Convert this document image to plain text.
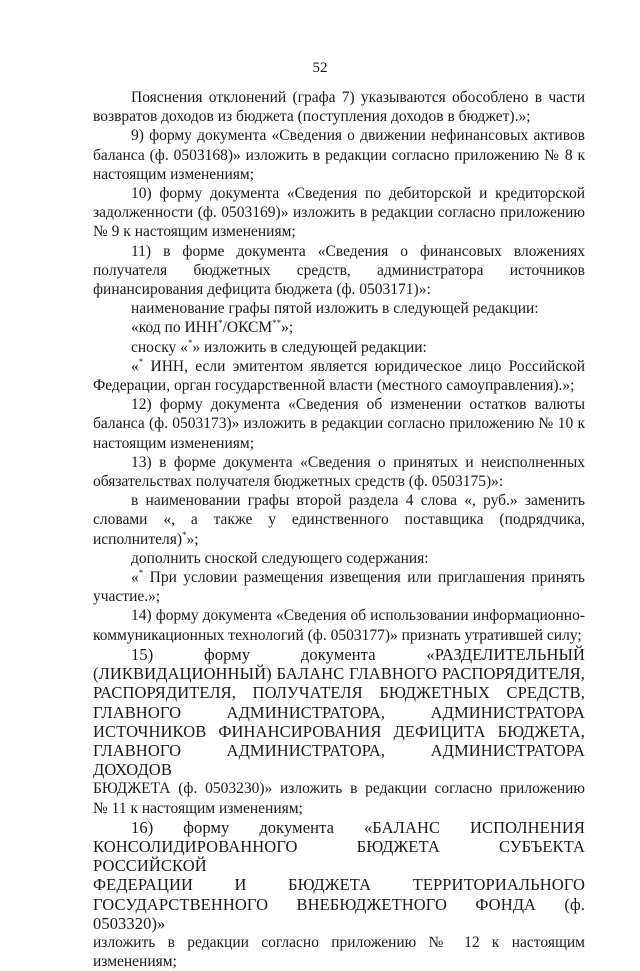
52
Пояснения отклонений (графа 7) указываются обособлено в части
возвратов доходов из бюджета (поступления доходов в бюджет).»;
9) форму документа «Сведения о движении нефинансовых активов
баланса (ф. 0503168)» изложить в редакции согласно приложению № 8 к
настоящим изменениям;
10) форму документа «Сведения по дебиторской и кредиторской
задолженности (ф. 0503169)» изложить в редакции согласно приложению
№ 9 к настоящим изменениям;
11) в форме документа «Сведения о финансовых вложениях
получателя бюджетных средств, администратора источников
финансирования дефицита бюджета (ф. 0503171)»:
наименование графы пятой изложить в следующей редакции:
«код по ИНН*/ОКСМ**»;
сноску «*» изложить в следующей редакции:
«* ИНН, если эмитентом является юридическое лицо Российской
Федерации, орган государственной власти (местного самоуправления).»;
12) форму документа «Сведения об изменении остатков валюты
баланса (ф. 0503173)» изложить в редакции согласно приложению № 10 к
настоящим изменениям;
13) в форме документа «Сведения о принятых и неисполненных
обязательствах получателя бюджетных средств (ф. 0503175)»:
в наименовании графы второй раздела 4 слова «, руб.» заменить
словами «, а также у единственного поставщика (подрядчика,
исполнителя)*»;
дополнить сноской следующего содержания:
«* При условии размещения извещения или приглашения принять
участие.»;
14) форму документа «Сведения об использовании информационно-
коммуникационных технологий (ф. 0503177)» признать утратившей силу;
15) форму документа «РАЗДЕЛИТЕЛЬНЫЙ
(ЛИКВИДАЦИОННЫЙ) БАЛАНС ГЛАВНОГО РАСПОРЯДИТЕЛЯ,
РАСПОРЯДИТЕЛЯ, ПОЛУЧАТЕЛЯ БЮДЖЕТНЫХ СРЕДСТВ,
ГЛАВНОГО АДМИНИСТРАТОРА, АДМИНИСТРАТОРА
ИСТОЧНИКОВ ФИНАНСИРОВАНИЯ ДЕФИЦИТА БЮДЖЕТА,
ГЛАВНОГО АДМИНИСТРАТОРА, АДМИНИСТРАТОРА ДОХОДОВ
БЮДЖЕТА (ф. 0503230)» изложить в редакции согласно приложению
№ 11 к настоящим изменениям;
16) форму документа «БАЛАНС ИСПОЛНЕНИЯ
КОНСОЛИДИРОВАННОГО БЮДЖЕТА СУБЪЕКТА РОССИЙСКОЙ
ФЕДЕРАЦИИ И БЮДЖЕТА ТЕРРИТОРИАЛЬНОГО
ГОСУДАРСТВЕННОГО ВНЕБЮДЖЕТНОГО ФОНДА (ф. 0503320)»
изложить в редакции согласно приложению № 12 к настоящим
изменениям;
